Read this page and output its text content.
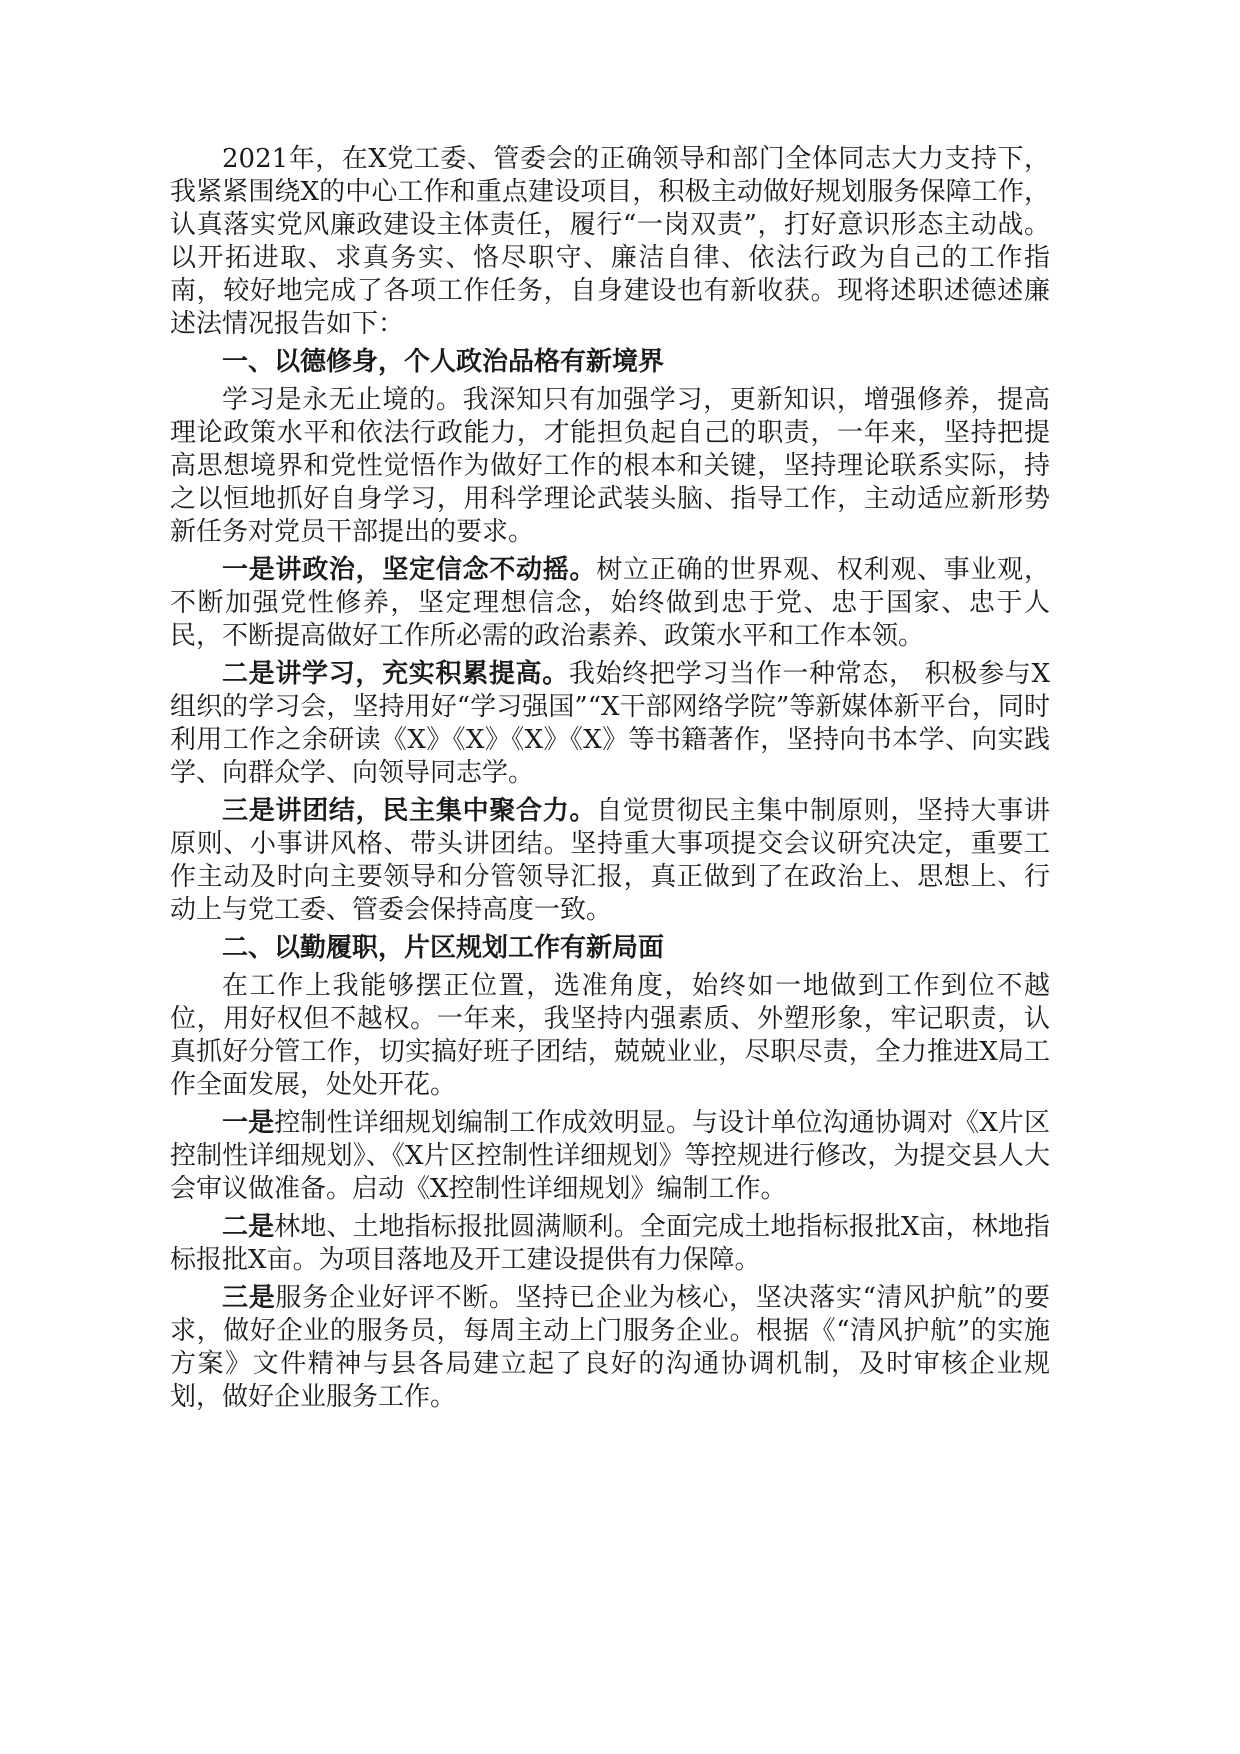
2021年，在X党工委、管委会的正确领导和部门全体同志大力支持下，我紧紧围绕X的中心工作和重点建设项目，积极主动做好规划服务保障工作，认真落实党风廉政建设主体责任，履行“一岗双责”，打好意识形态主动战。以开拓进取、求真务实、恪尽职守、廉洁自律、依法行政为自己的工作指南，较好地完成了各项工作任务，自身建设也有新收获。现将述职述德述廉述法情况报告如下：

一、以德修身，个人政治品格有新境界

学习是永无止境的。我深知只有加强学习，更新知识，增强修养，提高理论政策水平和依法行政能力，才能担负起自己的职责，一年来，坚持把提高思想境界和党性觉悟作为做好工作的根本和关键，坚持理论联系实际，持之以恒地抓好自身学习，用科学理论武装头脑、指导工作，主动适应新形势新任务对党员干部提出的要求。

一是讲政治，坚定信念不动摇。树立正确的世界观、权利观、事业观，不断加强党性修养，坚定理想信念，始终做到忠于党、忠于国家、忠于人民，不断提高做好工作所必需的政治素养、政策水平和工作本领。

二是讲学习，充实积累提高。我始终把学习当作一种常态， 积极参与X组织的学习会，坚持用好“学习强国”“X干部网络学院”等新媒体新平台，同时利用工作之余研读《X》《X》《X》《X》等书籍著作，坚持向书本学、向实践学、向群众学、向领导同志学。

三是讲团结，民主集中聚合力。自觉贯彻民主集中制原则，坚持大事讲原则、小事讲风格、带头讲团结。坚持重大事项提交会议研究决定，重要工作主动及时向主要领导和分管领导汇报，真正做到了在政治上、思想上、行动上与党工委、管委会保持高度一致。

二、以勤履职，片区规划工作有新局面

在工作上我能够摆正位置，选准角度，始终如一地做到工作到位不越位，用好权但不越权。一年来，我坚持内强素质、外塑形象，牢记职责，认真抓好分管工作，切实搞好班子团结，兢兢业业，尽职尽责，全力推进X局工作全面发展，处处开花。

一是控制性详细规划编制工作成效明显。与设计单位沟通协调对《X片区控制性详细规划》、《X片区控制性详细规划》等控规进行修改，为提交县人大会审议做准备。启动《X控制性详细规划》编制工作。

二是林地、土地指标报批圆满顺利。全面完成土地指标报批X亩，林地指标报批X亩。为项目落地及开工建设提供有力保障。

三是服务企业好评不断。坚持已企业为核心，坚决落实“清风护航”的要求，做好企业的服务员，每周主动上门服务企业。根据《“清风护航”的实施方案》文件精神与县各局建立起了良好的沟通协调机制，及时审核企业规划，做好企业服务工作。
